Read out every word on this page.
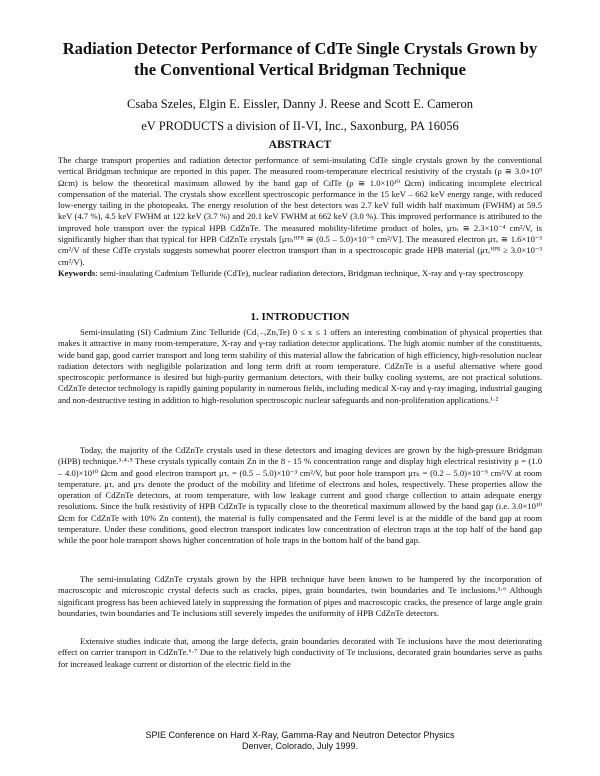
Radiation Detector Performance of CdTe Single Crystals Grown by
the Conventional Vertical Bridgman Technique
Csaba Szeles, Elgin E. Eissler, Danny J. Reese and Scott E. Cameron
eV PRODUCTS a division of II-VI, Inc., Saxonburg, PA 16056
ABSTRACT

The charge transport properties and radiation detector performance of semi-insulating CdTe single crystals grown by the conventional vertical Bridgman technique are reported in this paper. The measured room-temperature electrical resistivity of the crystals (ρ ≅ 3.0×10⁹ Ωcm) is below the theoretical maximum allowed by the band gap of CdTe (ρ ≅ 1.0×10¹⁰ Ωcm) indicating incomplete electrical compensation of the material. The crystals show excellent spectroscopic performance in the 15 keV – 662 keV energy range, with reduced low-energy tailing in the photopeaks. The energy resolution of the best detectors was 2.7 keV full width half maximum (FWHM) at 59.5 keV (4.7 %), 4.5 keV FWHM at 122 keV (3.7 %) and 20.1 keV FWHM at 662 keV (3.0 %). This improved performance is attributed to the improved hole transport over the typical HPB CdZnTe. The measured mobility-lifetime product of holes, μτₕ ≅ 2.3×10⁻⁴ cm²/V, is significantly higher than that typical for HPB CdZnTe crystals [μτₕᴴᴾᴮ ≅ (0.5 – 5.0)×10⁻⁵ cm²/V]. The measured electron μτₑ ≅ 1.6×10⁻³ cm²/V of these CdTe crystals suggests somewhat poorer electron transport than in a spectroscopic grade HPB material (μτₑᴴᴾᴮ ≥ 3.0×10⁻³ cm²/V).

Keywords: semi-insulating Cadmium Telluride (CdTe), nuclear radiation detectors, Bridgman technique, X-ray and γ-ray spectroscopy

1. INTRODUCTION

Semi-insulating (SI) Cadmium Zinc Telluride (Cd₁₋ₓZnₓTe) 0 ≤ x ≤ 1 offers an interesting combination of physical properties that makes it attractive in many room-temperature, X-ray and γ-ray radiation detector applications. The high atomic number of the constituents, wide band gap, good carrier transport and long term stability of this material allow the fabrication of high efficiency, high-resolution nuclear radiation detectors with negligible polarization and long term drift at room temperature. CdZnTe is a useful alternative where good spectroscopic performance is desired but high-purity germanium detectors, with their bulky cooling systems, are not practical solutions. CdZnTe detector technology is rapidly gaining popularity in numerous fields, including medical X-ray and γ-ray imaging, industrial gauging and non-destructive testing in addition to high-resolution spectroscopic nuclear safeguards and non-proliferation applications.¹·²

Today, the majority of the CdZnTe crystals used in these detectors and imaging devices are grown by the high-pressure Bridgman (HPB) technique.³·⁴·⁵ These crystals typically contain Zn in the 8 - 15 % concentration range and display high electrical resistivity ρ = (1.0 – 4.0)×10¹⁰ Ωcm and good electron transport μτₑ = (0.5 – 5.0)×10⁻³ cm²/V, but poor hole transport μτₕ = (0.2 – 5.0)×10⁻⁵ cm²/V at room temperature. μτₑ and μτₕ denote the product of the mobility and lifetime of electrons and holes, respectively. These properties allow the operation of CdZnTe detectors, at room temperature, with low leakage current and good charge collection to attain adequate energy resolutions. Since the bulk resistivity of HPB CdZnTe is typically close to the theoretical maximum allowed by the band gap (i.e. 3.0×10¹⁰ Ωcm for CdZnTe with 10% Zn content), the material is fully compensated and the Fermi level is at the middle of the band gap at room temperature. Under these conditions, good electron transport indicates low concentration of electron traps at the top half of the band gap while the poor hole transport shows higher concentration of hole traps in the bottom half of the band gap.

The semi-insulating CdZnTe crystals grown by the HPB technique have been known to be hampered by the incorporation of macroscopic and microscopic crystal defects such as cracks, pipes, grain boundaries, twin boundaries and Te inclusions.³·⁶ Although significant progress has been achieved lately in suppressing the formation of pipes and macroscopic cracks, the presence of large angle grain boundaries, twin boundaries and Te inclusions still severely impedes the uniformity of HPB CdZnTe detectors.

Extensive studies indicate that, among the large defects, grain boundaries decorated with Te inclusions have the most deteriorating effect on carrier transport in CdZnTe.⁶·⁷ Due to the relatively high conductivity of Te inclusions, decorated grain boundaries serve as paths for increased leakage current or distortion of the electric field in the

SPIE Conference on Hard X-Ray, Gamma-Ray and Neutron Detector Physics
Denver, Colorado, July 1999.
